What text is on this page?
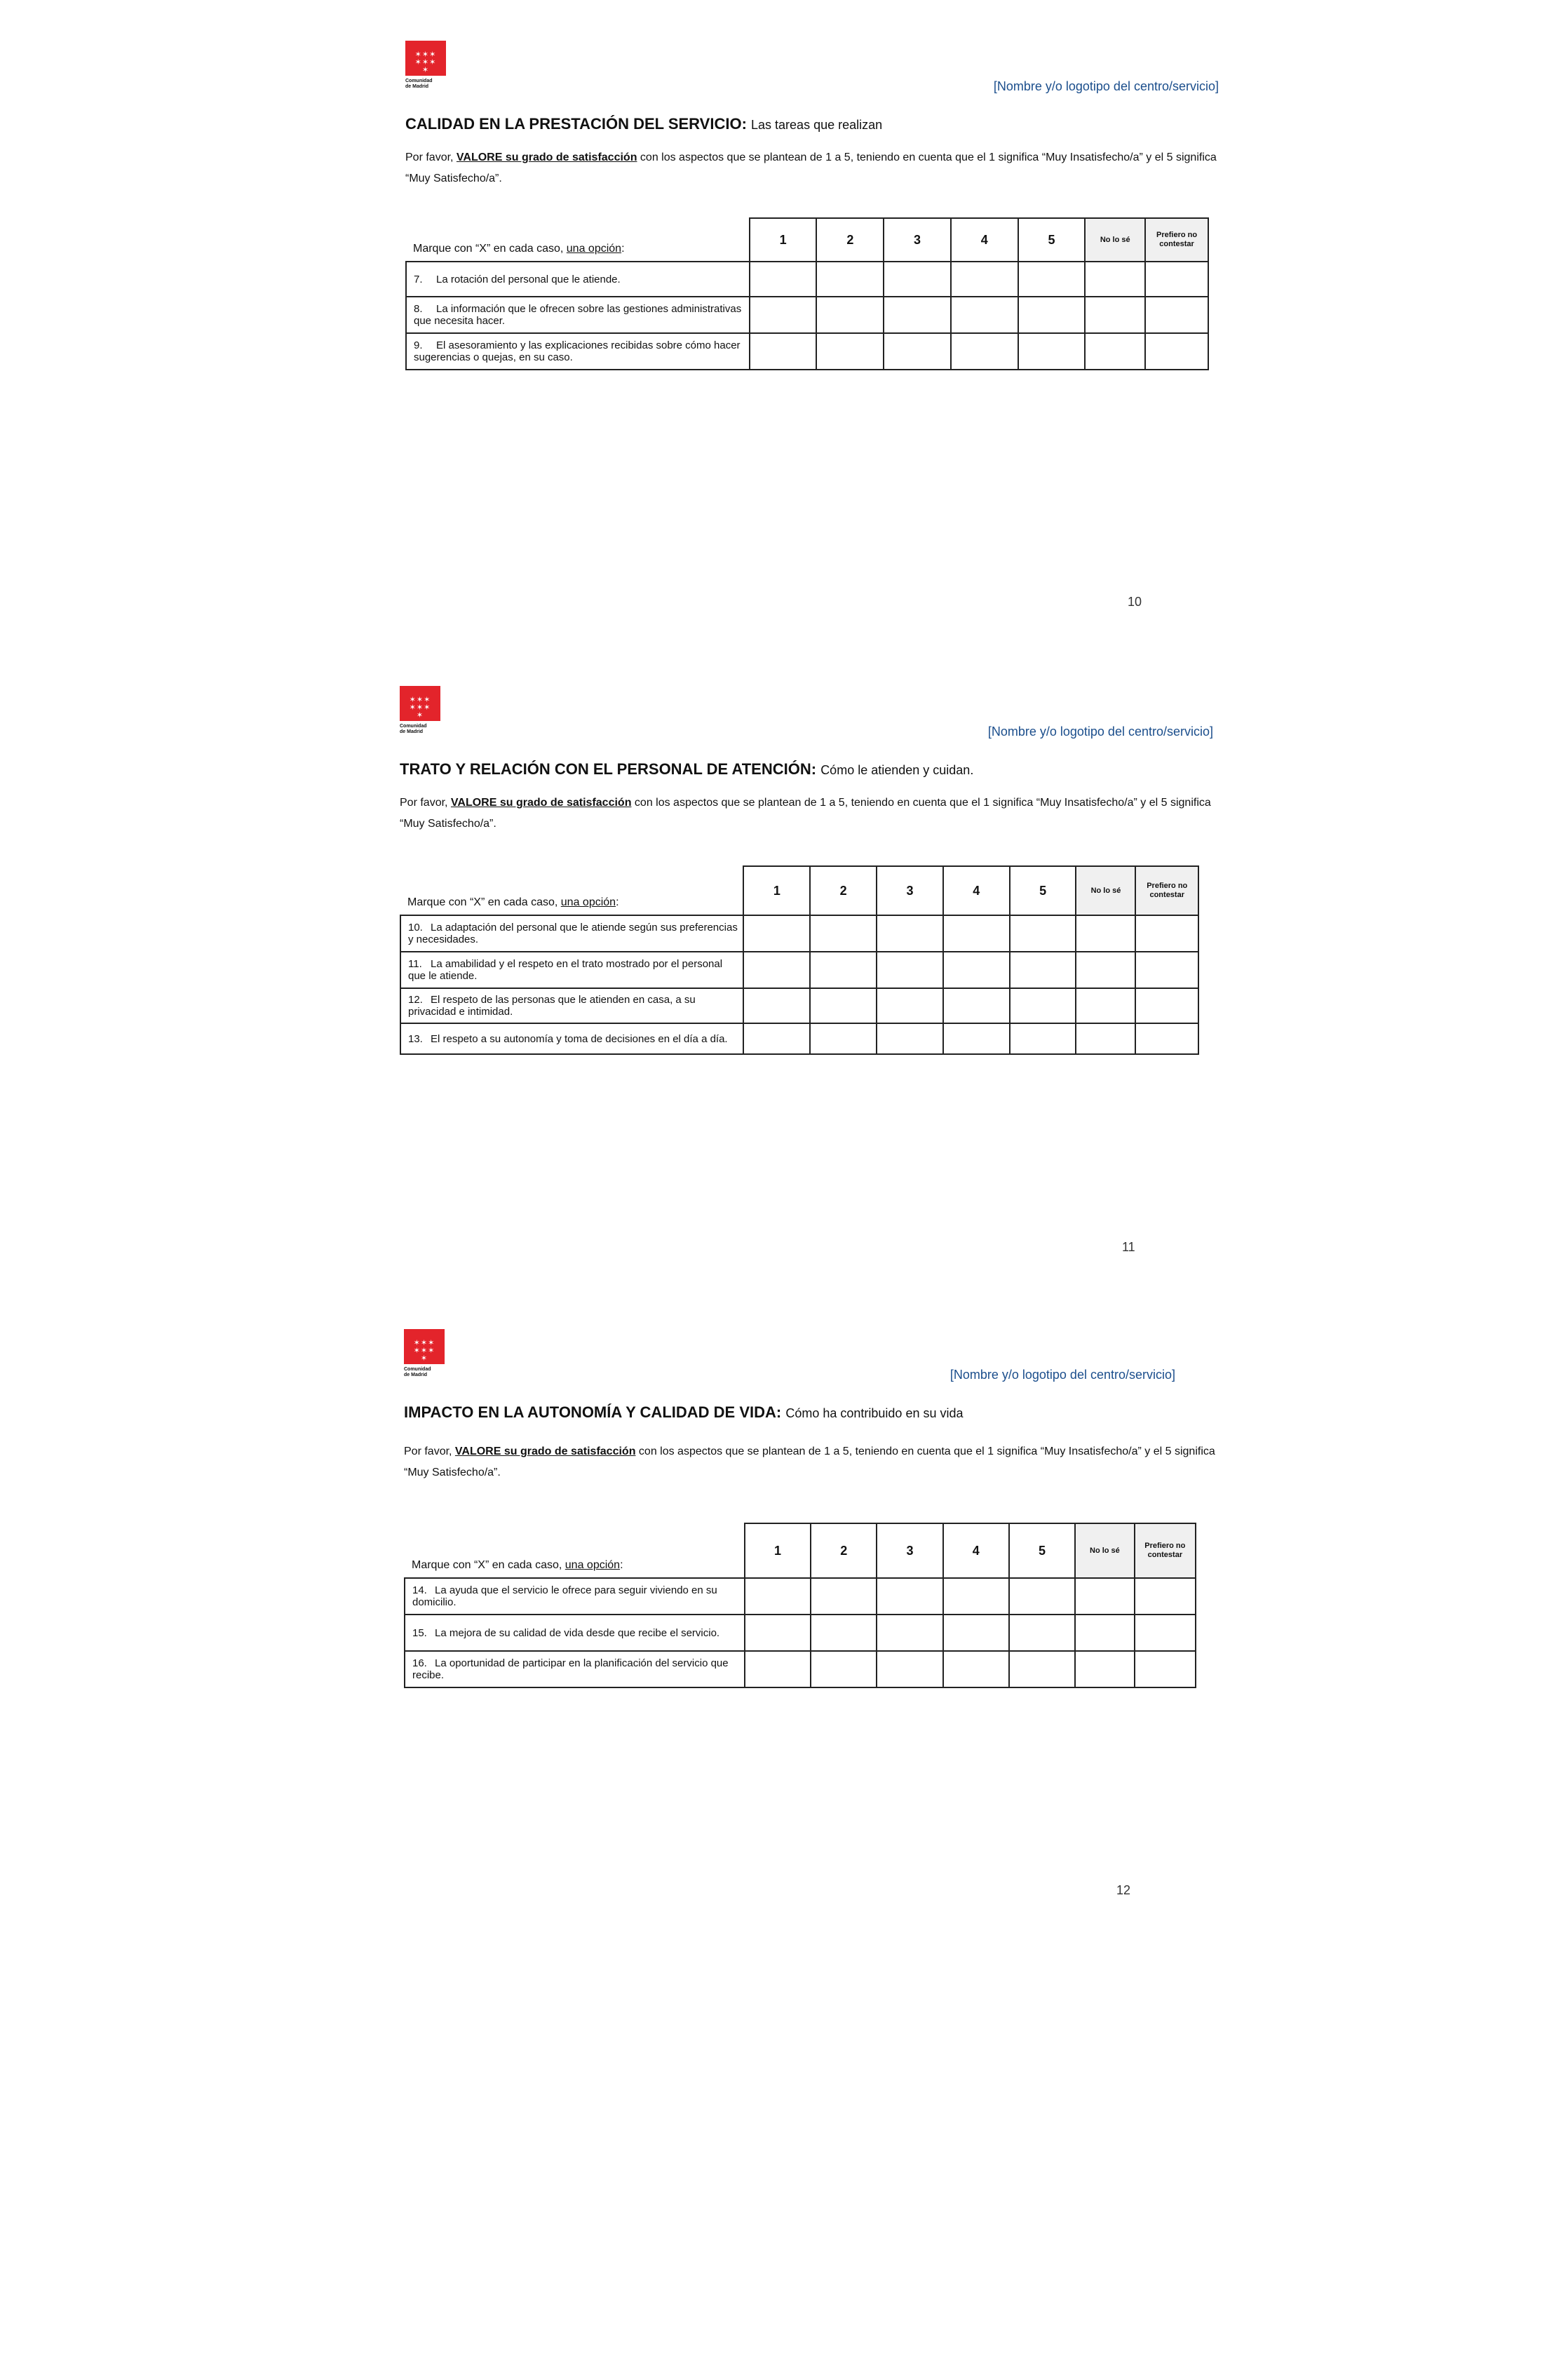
✶✶✶
✶✶✶
✶
Comunidad
de Madrid	[Nombre y/o logotipo del centro/servicio]
CALIDAD EN LA PRESTACIÓN DEL SERVICIO: Las tareas que realizan
Por favor, VALORE su grado de satisfacción con los aspectos que se plantean de 1 a 5, teniendo en cuenta que el 1 significa “Muy Insatisfecho/a” y el 5 significa “Muy Satisfecho/a”.
Marque con “X” en cada caso, una opción:	1	2	3	4	5	No lo sé	Prefiero no contestar
7. La rotación del personal que le atiende.							
8. La información que le ofrecen sobre las gestiones administrativas que necesita hacer.							
9. El asesoramiento y las explicaciones recibidas sobre cómo hacer sugerencias o quejas, en su caso.							
10
✶✶✶
✶✶✶
✶
Comunidad
de Madrid	[Nombre y/o logotipo del centro/servicio]
TRATO Y RELACIÓN CON EL PERSONAL DE ATENCIÓN: Cómo le atienden y cuidan.
Por favor, VALORE su grado de satisfacción con los aspectos que se plantean de 1 a 5, teniendo en cuenta que el 1 significa “Muy Insatisfecho/a” y el 5 significa “Muy Satisfecho/a”.
Marque con “X” en cada caso, una opción:	1	2	3	4	5	No lo sé	Prefiero no contestar
10. La adaptación del personal que le atiende según sus preferencias y necesidades.							
11. La amabilidad y el respeto en el trato mostrado por el personal que le atiende.							
12. El respeto de las personas que le atienden en casa, a su privacidad e intimidad.							
13. El respeto a su autonomía y toma de decisiones en el día a día.							
11
✶✶✶
✶✶✶
✶
Comunidad
de Madrid	[Nombre y/o logotipo del centro/servicio]
IMPACTO EN LA AUTONOMÍA Y CALIDAD DE VIDA: Cómo ha contribuido en su vida
Por favor, VALORE su grado de satisfacción con los aspectos que se plantean de 1 a 5, teniendo en cuenta que el 1 significa “Muy Insatisfecho/a” y el 5 significa “Muy Satisfecho/a”.
Marque con “X” en cada caso, una opción:	1	2	3	4	5	No lo sé	Prefiero no contestar
14. La ayuda que el servicio le ofrece para seguir viviendo en su domicilio.							
15. La mejora de su calidad de vida desde que recibe el servicio.							
16. La oportunidad de participar en la planificación del servicio que recibe.							
12
